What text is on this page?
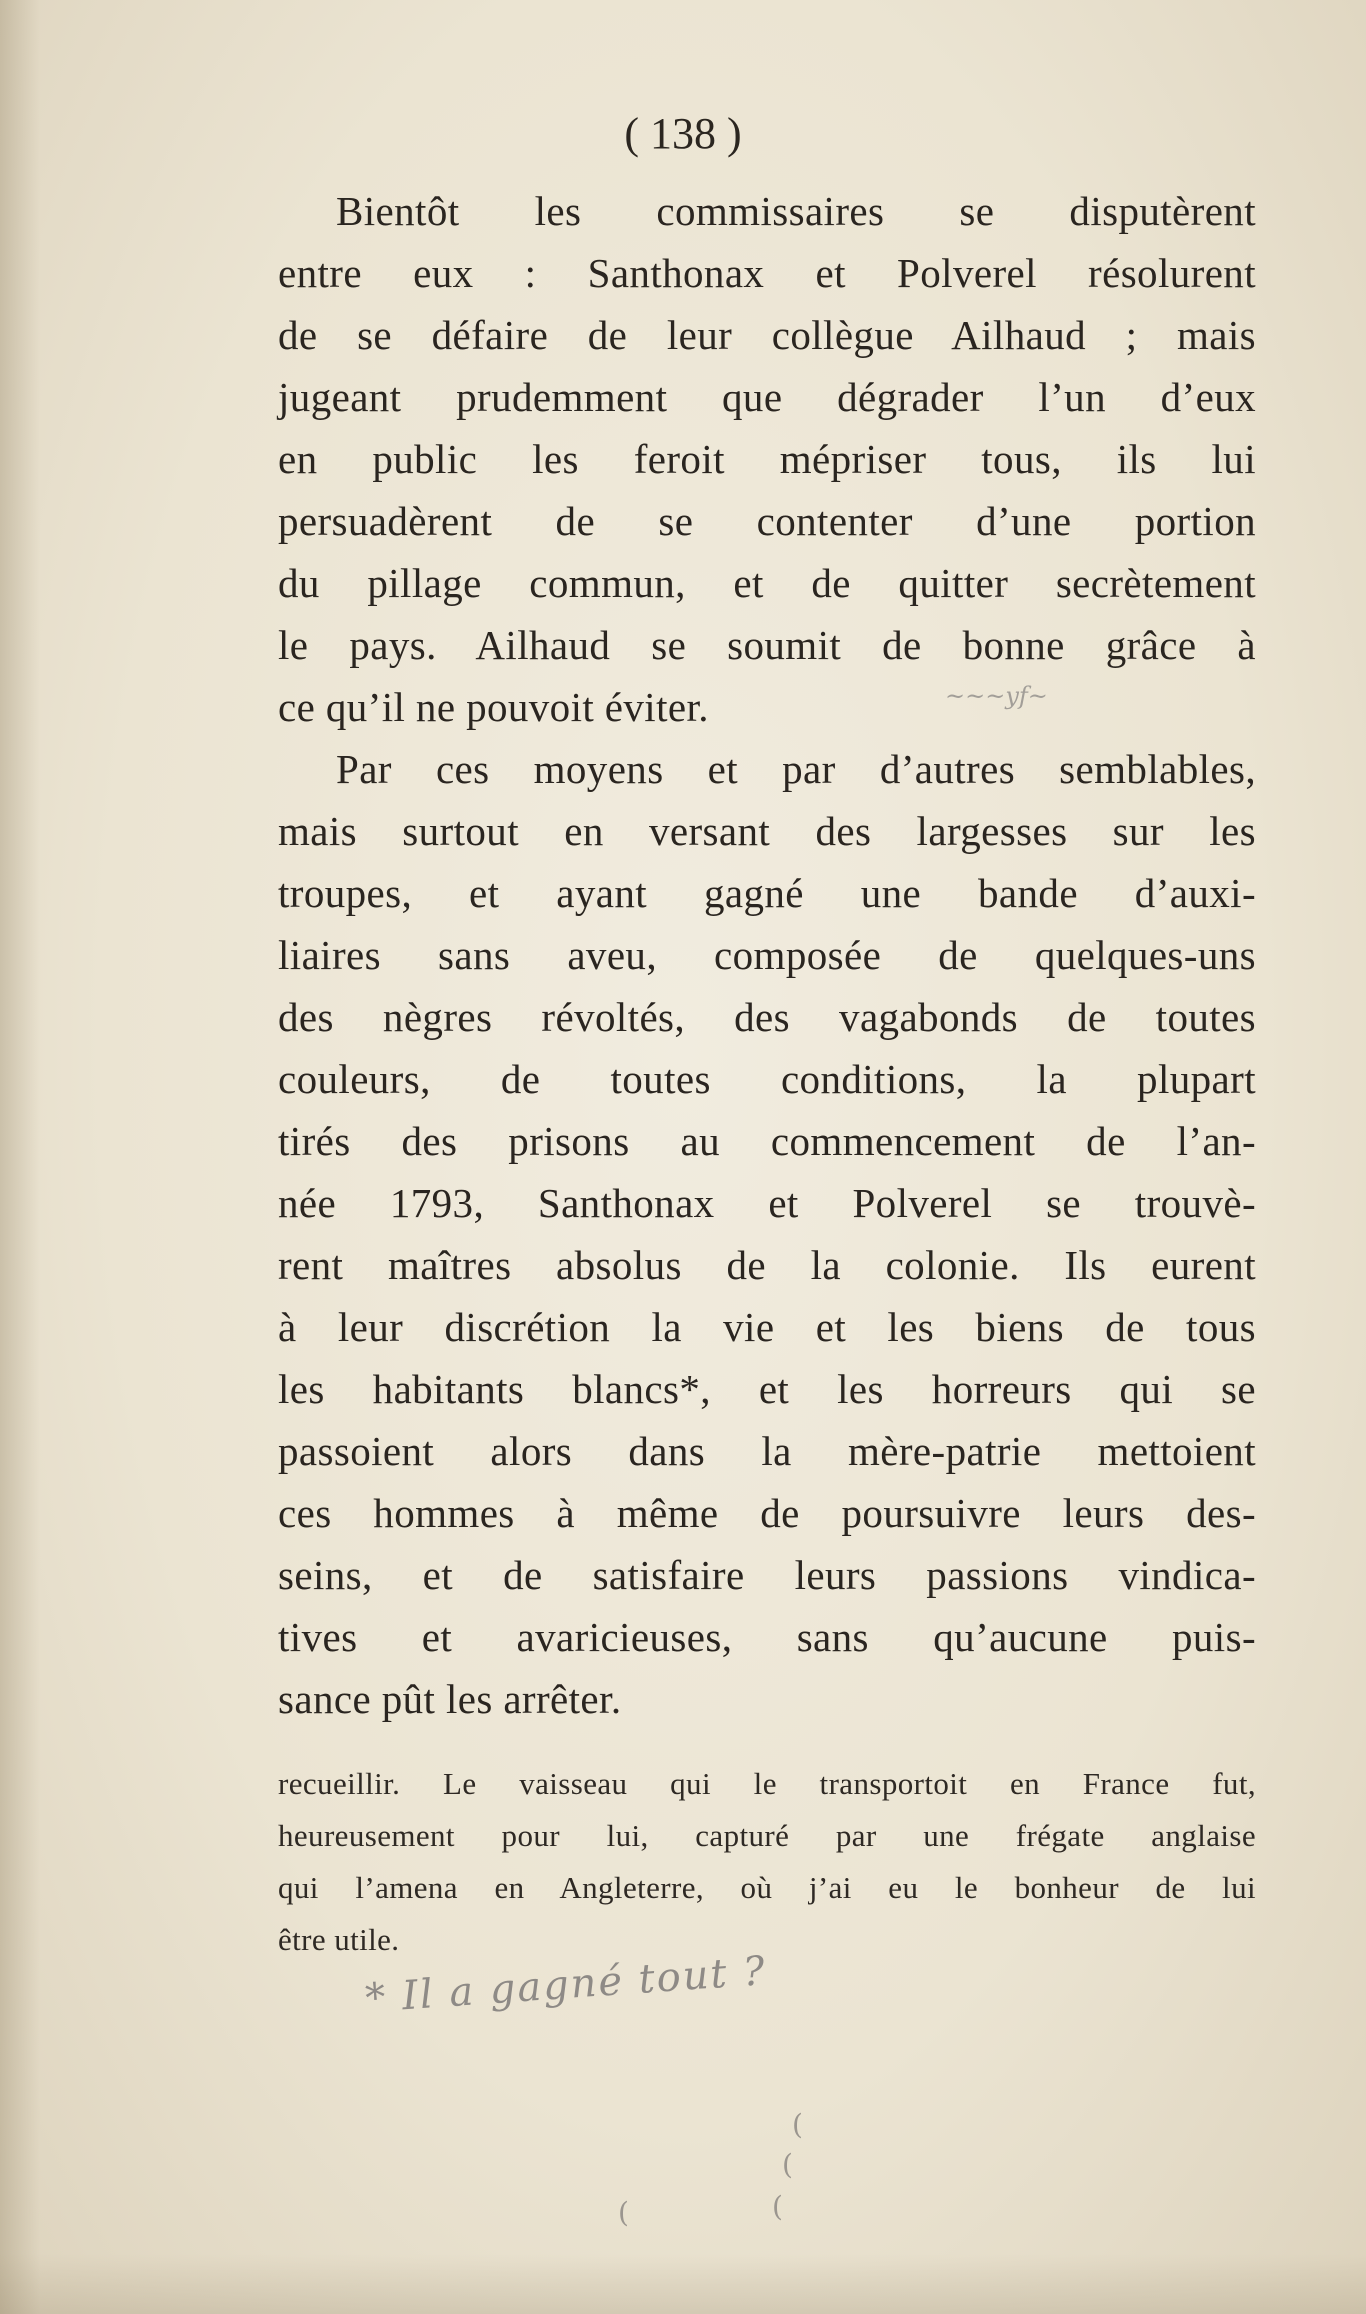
( 138 )
Bientôt les commissaires se disputèrent
entre eux : Santhonax et Polverel résolurent
de se défaire de leur collègue Ailhaud ; mais
jugeant prudemment que dégrader l’un d’eux
en public les feroit mépriser tous, ils lui
persuadèrent de se contenter d’une portion
du pillage commun, et de quitter secrètement
le pays. Ailhaud se soumit de bonne grâce à
ce qu’il ne pouvoit éviter.
Par ces moyens et par d’autres semblables,
mais surtout en versant des largesses sur les
troupes, et ayant gagné une bande d’auxi-
liaires sans aveu, composée de quelques-uns
des nègres révoltés, des vagabonds de toutes
couleurs, de toutes conditions, la plupart
tirés des prisons au commencement de l’an-
née 1793, Santhonax et Polverel se trouvè-
rent maîtres absolus de la colonie. Ils eurent
à leur discrétion la vie et les biens de tous
les habitants blancs*, et les horreurs qui se
passoient alors dans la mère-patrie mettoient
ces hommes à même de poursuivre leurs des-
seins, et de satisfaire leurs passions vindica-
tives et avaricieuses, sans qu’aucune puis-
sance pût les arrêter.
recueillir. Le vaisseau qui le transportoit en France fut,
heureusement pour lui, capturé par une frégate anglaise
qui l’amena en Angleterre, où j’ai eu le bonheur de lui
être utile.
~~~yf~
* Il a gagné tout ?
(
(
(
(
